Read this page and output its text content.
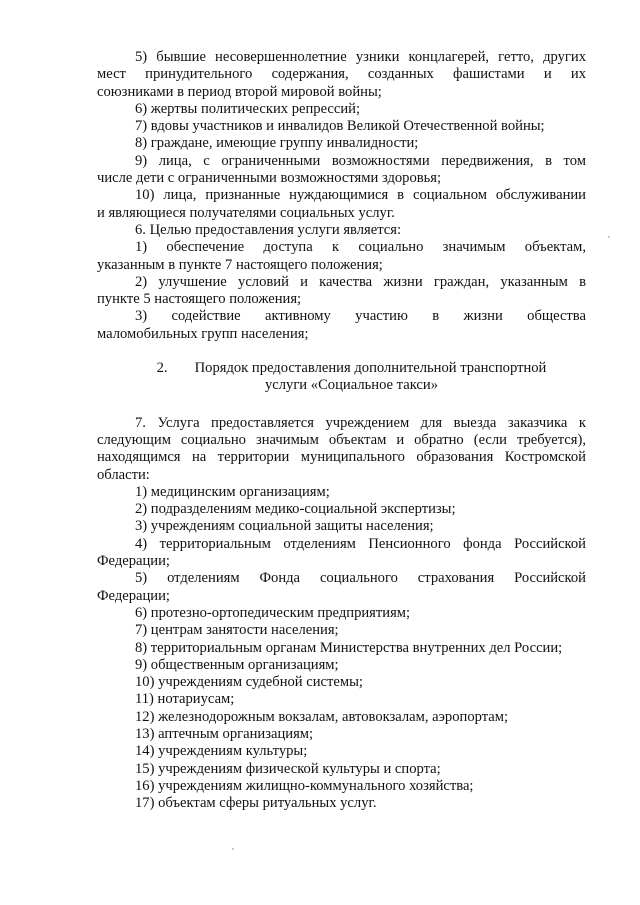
5) бывшие несовершеннолетние узники концлагерей, гетто, других

мест принудительного содержания, созданных фашистами и их

союзниками в период второй мировой войны;

6) жертвы политических репрессий;

7) вдовы участников и инвалидов Великой Отечественной войны;

8) граждане, имеющие группу инвалидности;

9) лица, с ограниченными возможностями передвижения, в том

числе дети с ограниченными возможностями здоровья;

10) лица, признанные нуждающимися в социальном обслуживании

и являющиеся получателями социальных услуг.

6. Целью предоставления услуги является:

1) обеспечение доступа к социально значимым объектам,

указанным в пункте 7 настоящего положения;

2) улучшение условий и качества жизни граждан, указанным в

пункте 5 настоящего положения;

3) содействие активному участию в жизни общества

маломобильных групп населения;

2. Порядок предоставления дополнительной транспортной

услуги «Социальное такси»

7. Услуга предоставляется учреждением для выезда заказчика к

следующим социально значимым объектам и обратно (если требуется),

находящимся на территории муниципального образования Костромской

области:

1) медицинским организациям;

2) подразделениям медико-социальной экспертизы;

3) учреждениям социальной защиты населения;

4) территориальным отделениям Пенсионного фонда Российской

Федерации;

5) отделениям Фонда социального страхования Российской

Федерации;

6) протезно-ортопедическим предприятиям;

7) центрам занятости населения;

8) территориальным органам Министерства внутренних дел России;

9) общественным организациям;

10) учреждениям судебной системы;

11) нотариусам;

12) железнодорожным вокзалам, автовокзалам, аэропортам;

13) аптечным организациям;

14) учреждениям культуры;

15) учреждениям физической культуры и спорта;

16) учреждениям жилищно-коммунального хозяйства;

17) объектам сферы ритуальных услуг.
